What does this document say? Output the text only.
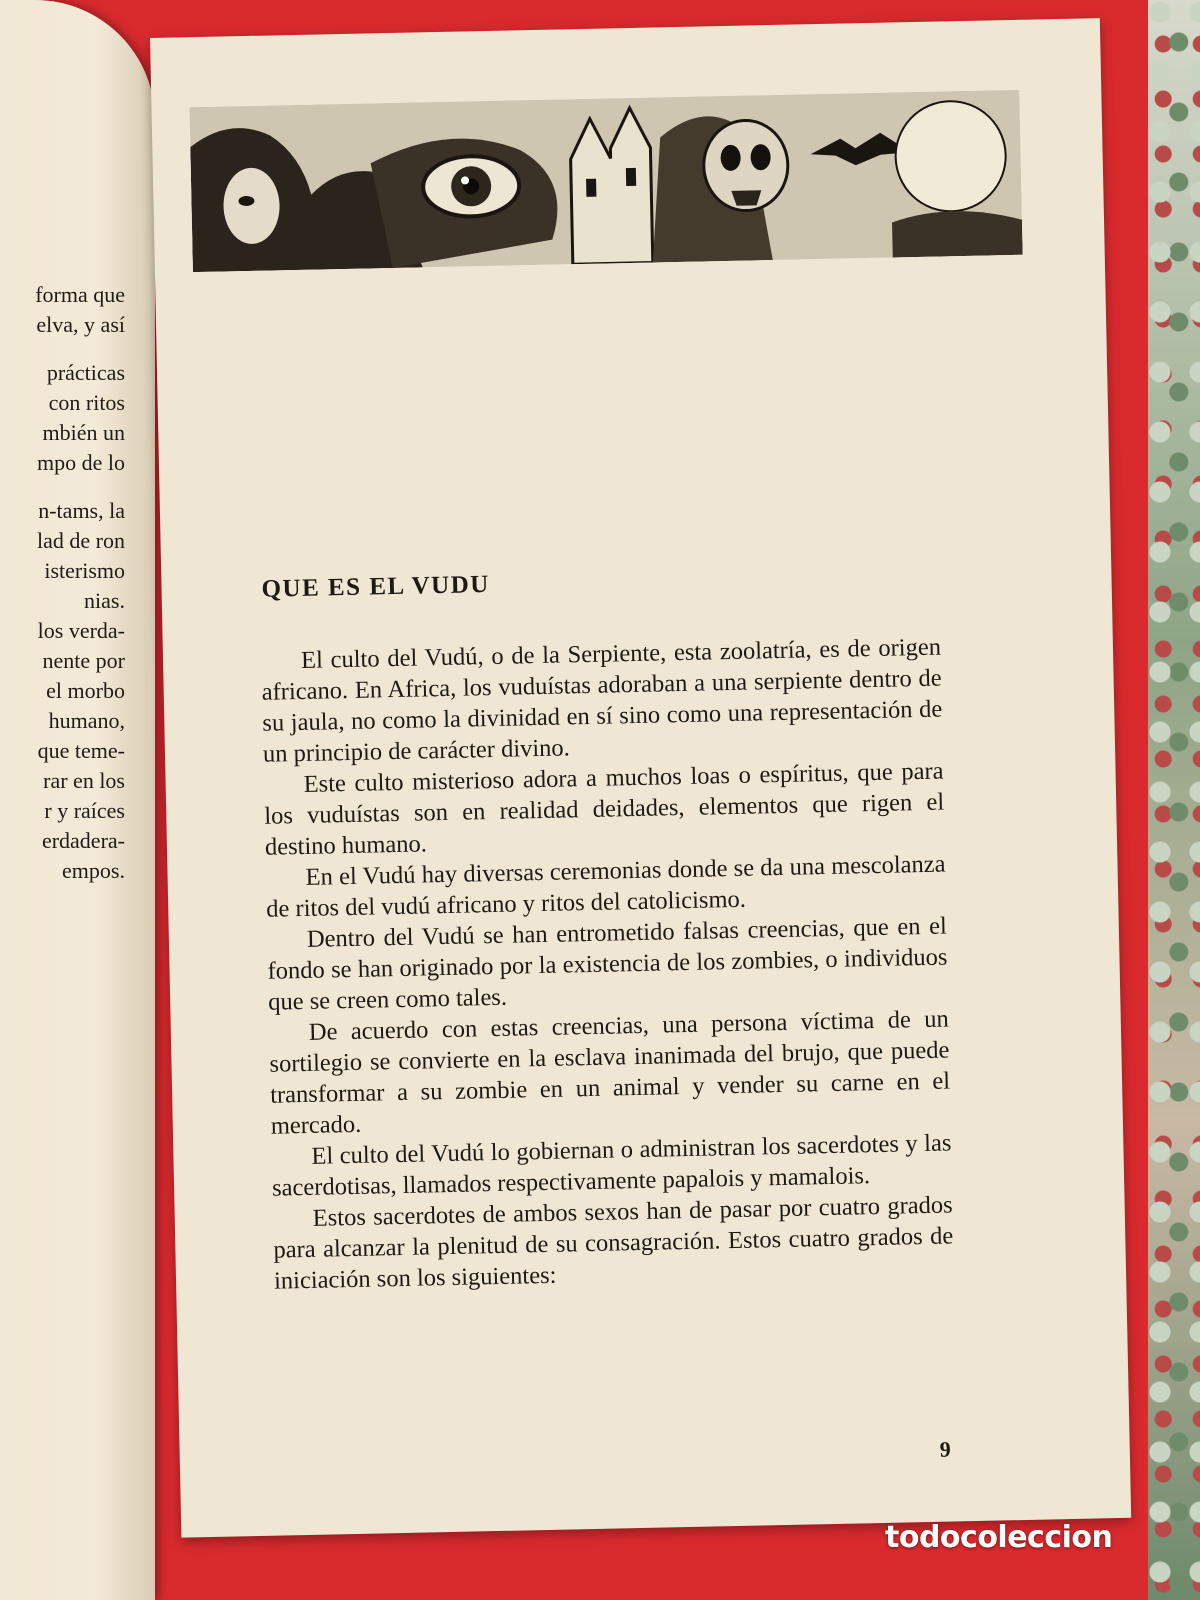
forma que
elva, y así
prácticas
con ritos
mbién un
mpo de lo
n-tams, la
lad de ron
isterismo
nias.
los verda-
nente por
el morbo
humano,
que teme-
rar en los
r y raíces
erdadera-
empos.
QUE ES EL VUDU

El culto del Vudú, o de la Serpiente, esta zoolatría, es de origen africano. En Africa, los vuduístas adoraban a una serpiente dentro de su jaula, no como la divinidad en sí sino como una representación de un principio de carácter divino.

Este culto misterioso adora a muchos loas o espíritus, que para los vuduístas son en realidad deidades, elementos que rigen el destino humano.

En el Vudú hay diversas ceremonias donde se da una mescolanza de ritos del vudú africano y ritos del catolicismo.

Dentro del Vudú se han entrometido falsas creencias, que en el fondo se han originado por la existencia de los zombies, o individuos que se creen como tales.

De acuerdo con estas creencias, una persona víctima de un sortilegio se convierte en la esclava inanimada del brujo, que puede transformar a su zombie en un animal y vender su carne en el mercado.

El culto del Vudú lo gobiernan o administran los sacerdotes y las sacerdotisas, llamados respectivamente papalois y mamalois.

Estos sacerdotes de ambos sexos han de pasar por cuatro grados para alcanzar la plenitud de su consagración. Estos cuatro grados de iniciación son los siguientes:

9
todocoleccion
